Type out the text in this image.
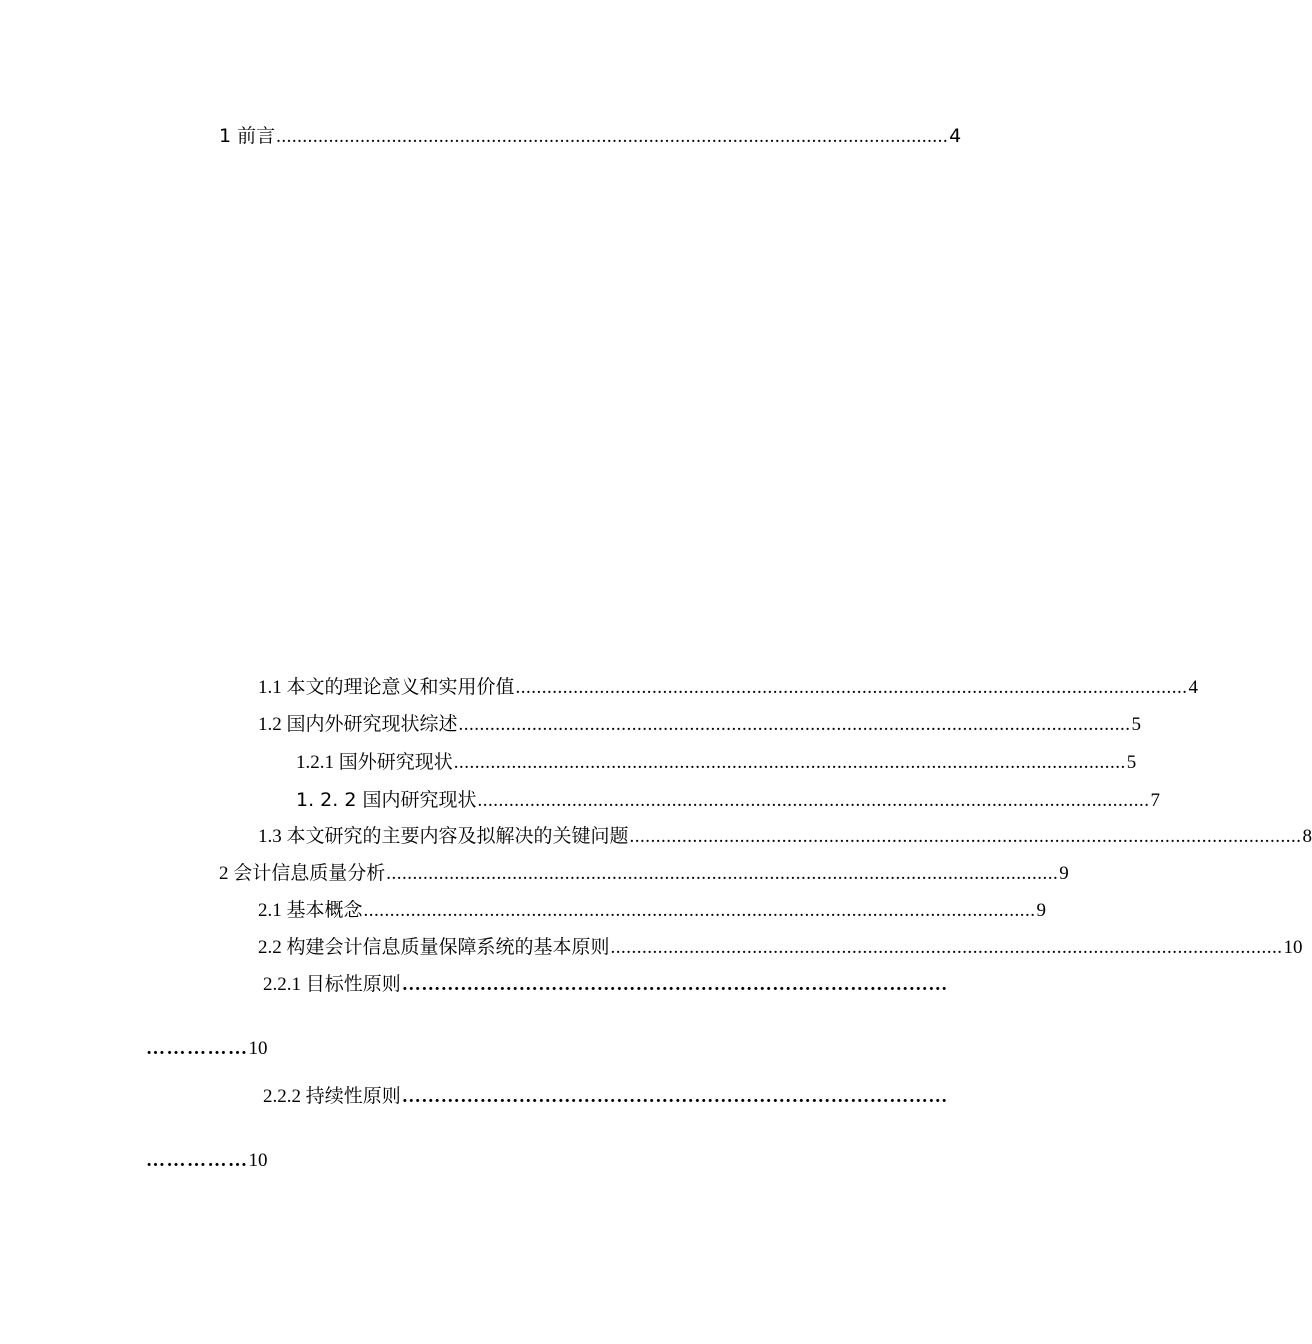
1 前言 ................................................................................................................................ 4
1.1 本文的理论意义和实用价值 ................................................................................................................................ 4
1.2 国内外研究现状综述 ................................................................................................................................ 5
1.2.1 国外研究现状 ................................................................................................................................ 5
1. 2. 2 国内研究现状 ................................................................................................................................ 7
1.3 本文研究的主要内容及拟解决的关键问题 ................................................................................................................................ 8
2 会计信息质量分析 ................................................................................................................................ 9
2.1 基本概念 ................................................................................................................................ 9
2.2 构建会计信息质量保障系统的基本原则 ................................................................................................................................ 10
2.2.1 目标性原则 …………………………………………………………………………
……………10
2.2.2 持续性原则 …………………………………………………………………………
……………10
